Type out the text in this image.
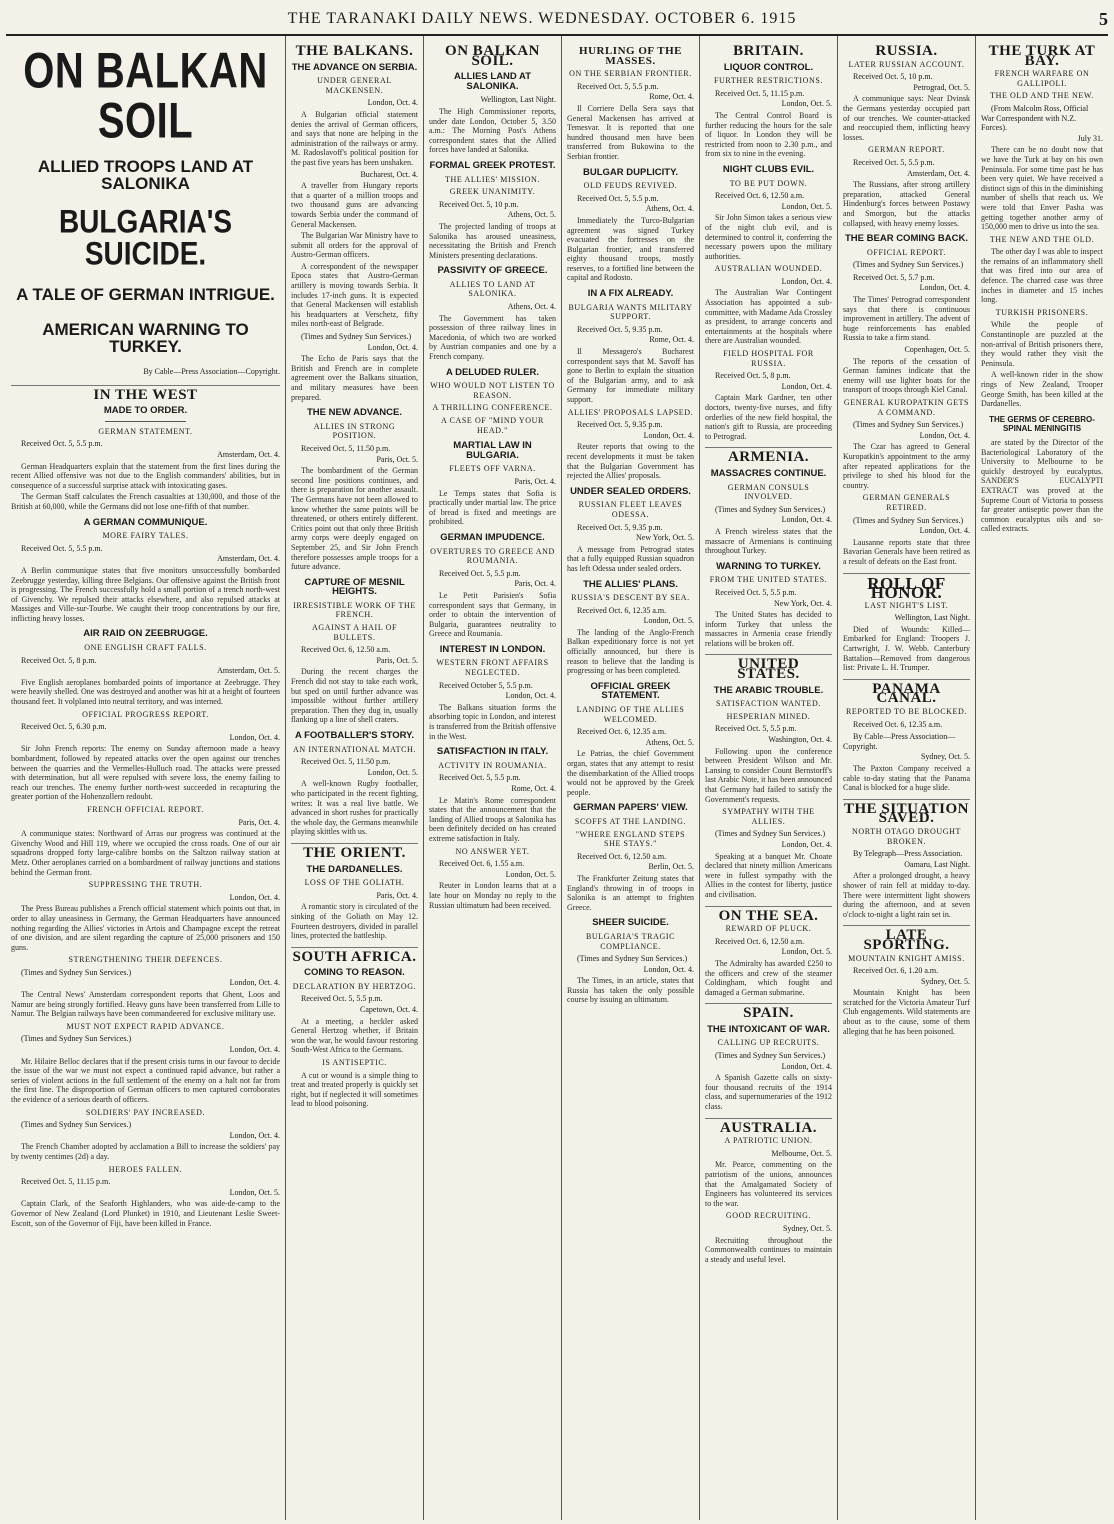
THE TARANAKI DAILY NEWS. WEDNESDAY. OCTOBER 6. 1915	5
ON BALKAN SOIL
ALLIED TROOPS LAND AT SALONIKA
BULGARIA'S SUICIDE.
A TALE OF GERMAN INTRIGUE.
AMERICAN WARNING TO TURKEY.
By Cable—Press Association—Copyright.
IN THE WEST
MADE TO ORDER.
GERMAN STATEMENT.
Received Oct. 5, 5.5 p.m.
Amsterdam, Oct. 4.

German Headquarters explain that the statement from the first lines during the recent Allied offensive was not due to the English commanders' abilities, but in consequence of a successful surprise attack with intoxicating gases.

The German Staff calculates the French casualties at 130,000, and those of the British at 60,000, while the Germans did not lose one-fifth of that number.

A GERMAN COMMUNIQUE.
MORE FAIRY TALES.
Received Oct. 5, 5.5 p.m.
Amsterdam, Oct. 4.

A Berlin communique states that five monitors unsuccessfully bombarded Zeebrugge yesterday, killing three Belgians. Our offensive against the British front is progressing. The French successfully hold a small portion of a trench north-west of Givenchy. We repulsed their attacks elsewhere, and also repulsed attacks at Massiges and Ville-sur-Tourbe. We caught their troop concentrations by our fire, inflicting heavy losses.

AIR RAID ON ZEEBRUGGE.
ONE ENGLISH CRAFT FALLS.
Received Oct. 5, 8 p.m.
Amsterdam, Oct. 5.

Five English aeroplanes bombarded points of importance at Zeebrugge. They were heavily shelled. One was destroyed and another was hit at a height of fourteen thousand feet. It volplaned into neutral territory, and was interned.

OFFICIAL PROGRESS REPORT.
Received Oct. 5, 6.30 p.m.
London, Oct. 4.

Sir John French reports: The enemy on Sunday afternoon made a heavy bombardment, followed by repeated attacks over the open against our trenches between the quarries and the Vermelles-Hulluch road. The attacks were pressed with determination, but all were repulsed with severe loss, the enemy failing to reach our trenches. The enemy further north-west succeeded in recapturing the greater portion of the Hohenzollern redoubt.

FRENCH OFFICIAL REPORT.
Paris, Oct. 4.

A communique states: Northward of Arras our progress was continued at the Givenchy Wood and Hill 119, where we occupied the cross roads. One of our air squadrons dropped forty large-calibre bombs on the Saltzon railway station at Metz. Other aeroplanes carried on a bombardment of railway junctions and stations behind the German front.

SUPPRESSING THE TRUTH.
London, Oct. 4.

The Press Bureau publishes a French official statement which points out that, in order to allay uneasiness in Germany, the German Headquarters have announced nothing regarding the Allies' victories in Artois and Champagne except the retreat of one division, and are silent regarding the capture of 25,000 prisoners and 150 guns.

STRENGTHENING THEIR DEFENCES.
(Times and Sydney Sun Services.)
London, Oct. 4.

The Central News' Amsterdam correspondent reports that Ghent, Loos and Namur are being strongly fortified. Heavy guns have been transferred from Lille to Namur. The Belgian railways have been commandeered for exclusive military use.

MUST NOT EXPECT RAPID ADVANCE.
(Times and Sydney Sun Services.)
London, Oct. 4.

Mr. Hilaire Belloc declares that if the present crisis turns in our favour to decide the issue of the war we must not expect a continued rapid advance, but rather a series of violent actions in the full settlement of the enemy on a halt not far from the first line. The disproportion of German officers to men captured corroborates the evidence of a serious dearth of officers.

SOLDIERS' PAY INCREASED.
(Times and Sydney Sun Services.)
London, Oct. 4.

The French Chamber adopted by acclamation a Bill to increase the soldiers' pay by twenty centimes (2d) a day.

HEROES FALLEN.
Received Oct. 5, 11.15 p.m.
London, Oct. 5.

Captain Clark, of the Seaforth Highlanders, who was aide-de-camp to the Governor of New Zealand (Lord Plunket) in 1910, and Lieutenant Leslie Sweet-Escott, son of the Governor of Fiji, have been killed in France.

THE BALKANS.
THE ADVANCE ON SERBIA.
UNDER GENERAL MACKENSEN.
London, Oct. 4.

A Bulgarian official statement denies the arrival of German officers, and says that none are helping in the administration of the railways or army. M. Radoslavoff's political position for the past five years has been unshaken.

Bucharest, Oct. 4.

A traveller from Hungary reports that a quarter of a million troops and two thousand guns are advancing towards Serbia under the command of General Mackensen.

The Bulgarian War Ministry have to submit all orders for the approval of Austro-German officers.

A correspondent of the newspaper Epoca states that Austro-German artillery is moving towards Serbia. It includes 17-inch guns. It is expected that General Mackensen will establish his headquarters at Verschetz, fifty miles north-east of Belgrade.

(Times and Sydney Sun Services.)
London, Oct. 4.

The Echo de Paris says that the British and French are in complete agreement over the Balkans situation, and military measures have been prepared.

THE NEW ADVANCE.
ALLIES IN STRONG POSITION.
Received Oct. 5, 11.50 p.m.
Paris, Oct. 5.

The bombardment of the German second line positions continues, and there is preparation for another assault. The Germans have not been allowed to know whether the same points will be threatened, or others entirely different. Critics point out that only three British army corps were deeply engaged on September 25, and Sir John French therefore possesses ample troops for a future advance.

CAPTURE OF MESNIL HEIGHTS.
IRRESISTIBLE WORK OF THE FRENCH.
AGAINST A HAIL OF BULLETS.
Received Oct. 6, 12.50 a.m.
Paris, Oct. 5.

During the recent charges the French did not stay to take each work, but sped on until further advance was impossible without further artillery preparation. Then they dug in, usually flanking up a line of shell craters.

A FOOTBALLER'S STORY.
AN INTERNATIONAL MATCH.
Received Oct. 5, 11.50 p.m.
London, Oct. 5.

A well-known Rugby footballer, who participated in the recent fighting, writes: It was a real live battle. We advanced in short rushes for practically the whole day, the Germans meanwhile playing skittles with us.

THE ORIENT.
THE DARDANELLES.
LOSS OF THE GOLIATH.
Paris, Oct. 4.

A romantic story is circulated of the sinking of the Goliath on May 12. Fourteen destroyers, divided in parallel lines, protected the battleship.

SOUTH AFRICA.
COMING TO REASON.
DECLARATION BY HERTZOG.
Received Oct. 5, 5.5 p.m.
Capetown, Oct. 4.

At a meeting, a heckler asked General Hertzog whether, if Britain won the war, he would favour restoring South-West Africa to the Germans.

IS ANTISEPTIC.

A cut or wound is a simple thing to treat and treated properly is quickly set right, but if neglected it will sometimes lead to blood poisoning.

ON BALKAN SOIL.
ALLIES LAND AT SALONIKA.
Wellington, Last Night.

The High Commissioner reports, under date London, October 5, 3.50 a.m.: The Morning Post's Athens correspondent states that the Allied forces have landed at Salonika.

FORMAL GREEK PROTEST.
THE ALLIES' MISSION.
GREEK UNANIMITY.
Received Oct. 5, 10 p.m.
Athens, Oct. 5.

The projected landing of troops at Salonika has aroused uneasiness, necessitating the British and French Ministers presenting declarations.

PASSIVITY OF GREECE.
ALLIES TO LAND AT SALONIKA.
Athens, Oct. 4.

The Government has taken possession of three railway lines in Macedonia, of which two are worked by Austrian companies and one by a French company.

A DELUDED RULER.
WHO WOULD NOT LISTEN TO REASON.
A THRILLING CONFERENCE.
A CASE OF "MIND YOUR HEAD."
MARTIAL LAW IN BULGARIA.
FLEETS OFF VARNA.
Paris, Oct. 4.

Le Temps states that Sofia is practically under martial law. The price of bread is fixed and meetings are prohibited.

GERMAN IMPUDENCE.
OVERTURES TO GREECE AND ROUMANIA.
Received Oct. 5, 5.5 p.m.
Paris, Oct. 4.

Le Petit Parisien's Sofia correspondent says that Germany, in order to obtain the intervention of Bulgaria, guarantees neutrality to Greece and Roumania.

INTEREST IN LONDON.
WESTERN FRONT AFFAIRS NEGLECTED.
Received October 5, 5.5 p.m.
London, Oct. 4.

The Balkans situation forms the absorbing topic in London, and interest is transferred from the British offensive in the West.

SATISFACTION IN ITALY.
ACTIVITY IN ROUMANIA.
Received Oct. 5, 5.5 p.m.
Rome, Oct. 4.

Le Matin's Rome correspondent states that the announcement that the landing of Allied troops at Salonika has been definitely decided on has created extreme satisfaction in Italy.

NO ANSWER YET.
Received Oct. 6, 1.55 a.m.
London, Oct. 5.

Reuter in London learns that at a late hour on Monday no reply to the Russian ultimatum had been received.

HURLING OF THE MASSES.
ON THE SERBIAN FRONTIER.
Received Oct. 5, 5.5 p.m.
Rome, Oct. 4.

Il Corriere Della Sera says that General Mackensen has arrived at Temesvar. It is reported that one hundred thousand men have been transferred from Bukowina to the Serbian frontier.

BULGAR DUPLICITY.
OLD FEUDS REVIVED.
Received Oct. 5, 5.5 p.m.
Athens, Oct. 4.

Immediately the Turco-Bulgarian agreement was signed Turkey evacuated the fortresses on the Bulgarian frontier, and transferred eighty thousand troops, mostly reserves, to a fortified line between the capital and Rodosto.

IN A FIX ALREADY.
BULGARIA WANTS MILITARY SUPPORT.
Received Oct. 5, 9.35 p.m.
Rome, Oct. 4.

Il Messagero's Bucharest correspondent says that M. Savoff has gone to Berlin to explain the situation of the Bulgarian army, and to ask Germany for immediate military support.

ALLIES' PROPOSALS LAPSED.
Received Oct. 5, 9.35 p.m.
London, Oct. 4.

Reuter reports that owing to the recent developments it must be taken that the Bulgarian Government has rejected the Allies' proposals.

UNDER SEALED ORDERS.
RUSSIAN FLEET LEAVES ODESSA.
Received Oct. 5, 9.35 p.m.
New York, Oct. 5.

A message from Petrograd states that a fully equipped Russian squadron has left Odessa under sealed orders.

THE ALLIES' PLANS.
RUSSIA'S DESCENT BY SEA.
Received Oct. 6, 12.35 a.m.
London, Oct. 5.

The landing of the Anglo-French Balkan expeditionary force is not yet officially announced, but there is reason to believe that the landing is progressing or has been completed.

OFFICIAL GREEK STATEMENT.
LANDING OF THE ALLIES WELCOMED.
Received Oct. 6, 12.35 a.m.
Athens, Oct. 5.

Le Patrias, the chief Government organ, states that any attempt to resist the disembarkation of the Allied troops would not be approved by the Greek people.

GERMAN PAPERS' VIEW.
SCOFFS AT THE LANDING.
"WHERE ENGLAND STEPS SHE STAYS."
Received Oct. 6, 12.50 a.m.
Berlin, Oct. 5.

The Frankfurter Zeitung states that England's throwing in of troops in Salonika is an attempt to frighten Greece.

SHEER SUICIDE.
BULGARIA'S TRAGIC COMPLIANCE.
(Times and Sydney Sun Services.)
London, Oct. 4.

The Times, in an article, states that Russia has taken the only possible course by issuing an ultimatum.

BRITAIN.
LIQUOR CONTROL.
FURTHER RESTRICTIONS.
Received Oct. 5, 11.15 p.m.
London, Oct. 5.

The Central Control Board is further reducing the hours for the sale of liquor. In London they will be restricted from noon to 2.30 p.m., and from six to nine in the evening.

NIGHT CLUBS EVIL.
TO BE PUT DOWN.
Received Oct. 6, 12.50 a.m.
London, Oct. 5.

Sir John Simon takes a serious view of the night club evil, and is determined to control it, conferring the necessary powers upon the military authorities.

AUSTRALIAN WOUNDED.
London, Oct. 4.

The Australian War Contingent Association has appointed a sub-committee, with Madame Ada Crossley as president, to arrange concerts and entertainments at the hospitals where there are Australian wounded.

FIELD HOSPITAL FOR RUSSIA.
Received Oct. 5, 8 p.m.
London, Oct. 4.

Captain Mark Gardner, ten other doctors, twenty-five nurses, and fifty orderlies of the new field hospital, the nation's gift to Russia, are proceeding to Petrograd.

ARMENIA.
MASSACRES CONTINUE.
GERMAN CONSULS INVOLVED.
(Times and Sydney Sun Services.)
London, Oct. 4.

A French wireless states that the massacre of Armenians is continuing throughout Turkey.

WARNING TO TURKEY.
FROM THE UNITED STATES.
Received Oct. 5, 5.5 p.m.
New York, Oct. 4.

The United States has decided to inform Turkey that unless the massacres in Armenia cease friendly relations will be broken off.

UNITED STATES.
THE ARABIC TROUBLE.
SATISFACTION WANTED.
HESPERIAN MINED.
Received Oct. 5, 5.5 p.m.
Washington, Oct. 4.

Following upon the conference between President Wilson and Mr. Lansing to consider Count Bernstorff's last Arabic Note, it has been announced that Germany had failed to satisfy the Government's requests.

SYMPATHY WITH THE ALLIES.
(Times and Sydney Sun Services.)
London, Oct. 4.

Speaking at a banquet Mr. Choate declared that ninety million Americans were in fullest sympathy with the Allies in the contest for liberty, justice and civilisation.

ON THE SEA.
REWARD OF PLUCK.
Received Oct. 6, 12.50 a.m.
London, Oct. 5.

The Admiralty has awarded £250 to the officers and crew of the steamer Coldingham, which fought and damaged a German submarine.

SPAIN.
THE INTOXICANT OF WAR.
CALLING UP RECRUITS.
(Times and Sydney Sun Services.)
London, Oct. 4.

A Spanish Gazette calls on sixty-four thousand recruits of the 1914 class, and supernumeraries of the 1912 class.

AUSTRALIA.
A PATRIOTIC UNION.
Melbourne, Oct. 5.

Mr. Pearce, commenting on the patriotism of the unions, announces that the Amalgamated Society of Engineers has volunteered its services to the war.

GOOD RECRUITING.
Sydney, Oct. 5.

Recruiting throughout the Commonwealth continues to maintain a steady and useful level.

RUSSIA.
LATER RUSSIAN ACCOUNT.
Received Oct. 5, 10 p.m.
Petrograd, Oct. 5.

A communique says: Near Dvinsk the Germans yesterday occupied part of our trenches. We counter-attacked and reoccupied them, inflicting heavy losses.

GERMAN REPORT.
Received Oct. 5, 5.5 p.m.
Amsterdam, Oct. 4.

The Russians, after strong artillery preparation, attacked General Hindenburg's forces between Postawy and Smorgon, but the attacks collapsed, with heavy enemy losses.

THE BEAR COMING BACK.
OFFICIAL REPORT.
(Times and Sydney Sun Services.)
Received Oct. 5, 5.7 p.m.
London, Oct. 4.

The Times' Petrograd correspondent says that there is continuous improvement in artillery. The advent of huge reinforcements has enabled Russia to take a firm stand.

Copenhagen, Oct. 5.

The reports of the cessation of German famines indicate that the enemy will use lighter boats for the transport of troops through Kiel Canal.

GENERAL KUROPATKIN GETS A COMMAND.
(Times and Sydney Sun Services.)
London, Oct. 4.

The Czar has agreed to General Kuropatkin's appointment to the army after repeated applications for the privilege to shed his blood for the country.

GERMAN GENERALS RETIRED.
(Times and Sydney Sun Services.)
London, Oct. 4.

Lausanne reports state that three Bavarian Generals have been retired as a result of defeats on the East front.

ROLL OF HONOR.
LAST NIGHT'S LIST.
Wellington, Last Night.

Died of Wounds: Killed—Embarked for England: Troopers J. Cartwright, J. W. Webb. Canterbury Battalion—Removed from dangerous list: Private L. H. Trumper.

PANAMA CANAL.
REPORTED TO BE BLOCKED.
Received Oct. 6, 12.35 a.m.
By Cable—Press Association—Copyright.
Sydney, Oct. 5.

The Paxton Company received a cable to-day stating that the Panama Canal is blocked for a huge slide.

THE SITUATION SAVED.
NORTH OTAGO DROUGHT BROKEN.
By Telegraph—Press Association.
Oamaru, Last Night.

After a prolonged drought, a heavy shower of rain fell at midday to-day. There were intermittent light showers during the afternoon, and at seven o'clock to-night a light rain set in.

LATE SPORTING.
MOUNTAIN KNIGHT AMISS.
Received Oct. 6, 1.20 a.m.
Sydney, Oct. 5.

Mountain Knight has been scratched for the Victoria Amateur Turf Club engagements. Wild statements are about as to the cause, some of them alleging that he has been poisoned.

THE TURK AT BAY.
FRENCH WARFARE ON GALLIPOLI.
THE OLD AND THE NEW.
(From Malcolm Ross, Official War Correspondent with N.Z. Forces).
July 31.

There can be no doubt now that we have the Turk at bay on his own Peninsula. For some time past he has been very quiet. We have received a distinct sign of this in the diminishing number of shells that reach us. We were told that Enver Pasha was getting together another army of 150,000 men to drive us into the sea.

THE NEW AND THE OLD.

The other day I was able to inspect the remains of an inflammatory shell that was fired into our area of defence. The charred case was three inches in diameter and 15 inches long.

TURKISH PRISONERS.

While the people of Constantinople are puzzled at the non-arrival of British prisoners there, they would rather they visit the Peninsula.

A well-known rider in the show rings of New Zealand, Trooper George Smith, has been killed at the Dardanelles.

THE GERMS OF CEREBRO-SPINAL MENINGITIS

are stated by the Director of the Bacteriological Laboratory of the University to Melbourne to be quickly destroyed by eucalyptus. SANDER'S EUCALYPTI EXTRACT was proved at the Supreme Court of Victoria to possess far greater antiseptic power than the common eucalyptus oils and so-called extracts.
